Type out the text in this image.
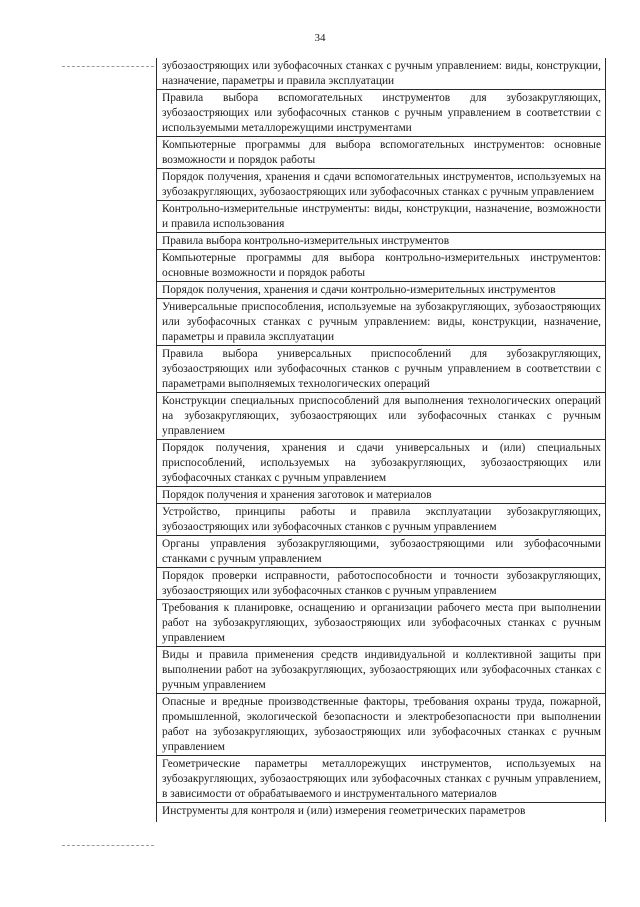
34
зубозаостряющих или зубофасочных станках с ручным управлением: виды, конструкции, назначение, параметры и правила эксплуатации
Правила выбора вспомогательных инструментов для зубозакругляющих, зубозаостряющих или зубофасочных станков с ручным управлением в соответствии с используемыми металлорежущими инструментами
Компьютерные программы для выбора вспомогательных инструментов: основные возможности и порядок работы
Порядок получения, хранения и сдачи вспомогательных инструментов, используемых на зубозакругляющих, зубозаостряющих или зубофасочных станках с ручным управлением
Контрольно-измерительные инструменты: виды, конструкции, назначение, возможности и правила использования
Правила выбора контрольно-измерительных инструментов
Компьютерные программы для выбора контрольно-измерительных инструментов: основные возможности и порядок работы
Порядок получения, хранения и сдачи контрольно-измерительных инструментов
Универсальные приспособления, используемые на зубозакругляющих, зубозаостряющих или зубофасочных станках с ручным управлением: виды, конструкции, назначение, параметры и правила эксплуатации
Правила выбора универсальных приспособлений для зубозакругляющих, зубозаостряющих или зубофасочных станков с ручным управлением в соответствии с параметрами выполняемых технологических операций
Конструкции специальных приспособлений для выполнения технологических операций на зубозакругляющих, зубозаостряющих или зубофасочных станках с ручным управлением
Порядок получения, хранения и сдачи универсальных и (или) специальных приспособлений, используемых на зубозакругляющих, зубозаостряющих или зубофасочных станках с ручным управлением
Порядок получения и хранения заготовок и материалов
Устройство, принципы работы и правила эксплуатации зубозакругляющих, зубозаостряющих или зубофасочных станков с ручным управлением
Органы управления зубозакругляющими, зубозаостряющими или зубофасочными станками с ручным управлением
Порядок проверки исправности, работоспособности и точности зубозакругляющих, зубозаостряющих или зубофасочных станков с ручным управлением
Требования к планировке, оснащению и организации рабочего места при выполнении работ на зубозакругляющих, зубозаостряющих или зубофасочных станках с ручным управлением
Виды и правила применения средств индивидуальной и коллективной защиты при выполнении работ на зубозакругляющих, зубозаостряющих или зубофасочных станках с ручным управлением
Опасные и вредные производственные факторы, требования охраны труда, пожарной, промышленной, экологической безопасности и электробезопасности при выполнении работ на зубозакругляющих, зубозаостряющих или зубофасочных станках с ручным управлением
Геометрические параметры металлорежущих инструментов, используемых на зубозакругляющих, зубозаостряющих или зубофасочных станках с ручным управлением, в зависимости от обрабатываемого и инструментального материалов
Инструменты для контроля и (или) измерения геометрических параметров
